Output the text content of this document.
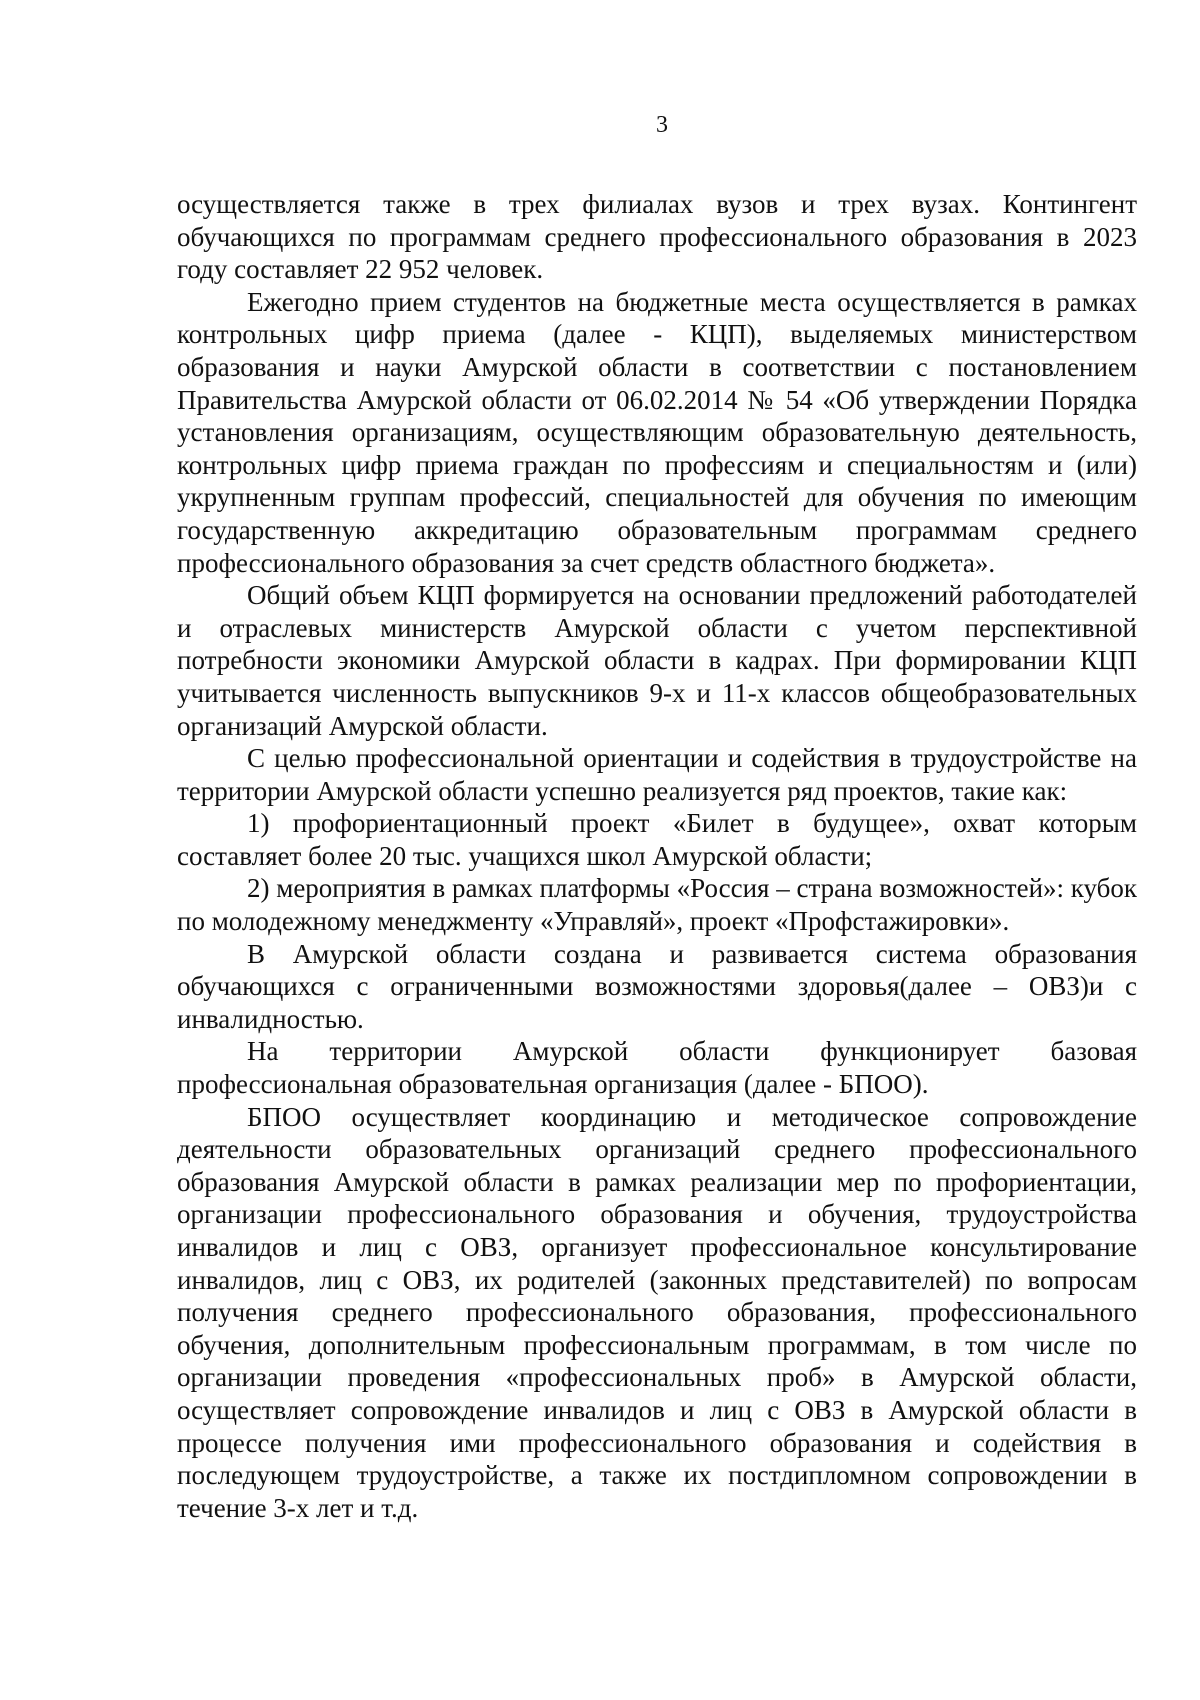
3

осуществляется также в трех филиалах вузов и трех вузах. Контингент обучающихся по программам среднего профессионального образования в 2023 году составляет 22 952 человек.

Ежегодно прием студентов на бюджетные места осуществляется в рамках контрольных цифр приема (далее - КЦП), выделяемых министерством образования и науки Амурской области в соответствии с постановлением Правительства Амурской области от 06.02.2014 № 54 «Об утверждении Порядка установления организациям, осуществляющим образовательную деятельность, контрольных цифр приема граждан по профессиям и специальностям и (или) укрупненным группам профессий, специальностей для обучения по имеющим государственную аккредитацию образовательным программам среднего профессионального образования за счет средств областного бюджета».

Общий объем КЦП формируется на основании предложений работодателей и отраслевых министерств Амурской области с учетом перспективной потребности экономики Амурской области в кадрах. При формировании КЦП учитывается численность выпускников 9-х и 11-х классов общеобразовательных организаций Амурской области.

С целью профессиональной ориентации и содействия в трудоустройстве на территории Амурской области успешно реализуется ряд проектов, такие как:

1) профориентационный проект «Билет в будущее», охват которым составляет более 20 тыс. учащихся школ Амурской области;

2) мероприятия в рамках платформы «Россия – страна возможностей»: кубок по молодежному менеджменту «Управляй», проект «Профстажировки».

В Амурской области создана и развивается система образования обучающихся с ограниченными возможностями здоровья(далее – ОВЗ)и с инвалидностью.

На территории Амурской области функционирует базовая профессиональная образовательная организация (далее - БПОО).

БПОО осуществляет координацию и методическое сопровождение деятельности образовательных организаций среднего профессионального образования Амурской области в рамках реализации мер по профориентации, организации профессионального образования и обучения, трудоустройства инвалидов и лиц с ОВЗ, организует профессиональное консультирование инвалидов, лиц с ОВЗ, их родителей (законных представителей) по вопросам получения среднего профессионального образования, профессионального обучения, дополнительным профессиональным программам, в том числе по организации проведения «профессиональных проб» в Амурской области, осуществляет сопровождение инвалидов и лиц с ОВЗ в Амурской области в процессе получения ими профессионального образования и содействия в последующем трудоустройстве, а также их постдипломном сопровождении в течение 3-х лет и т.д.
